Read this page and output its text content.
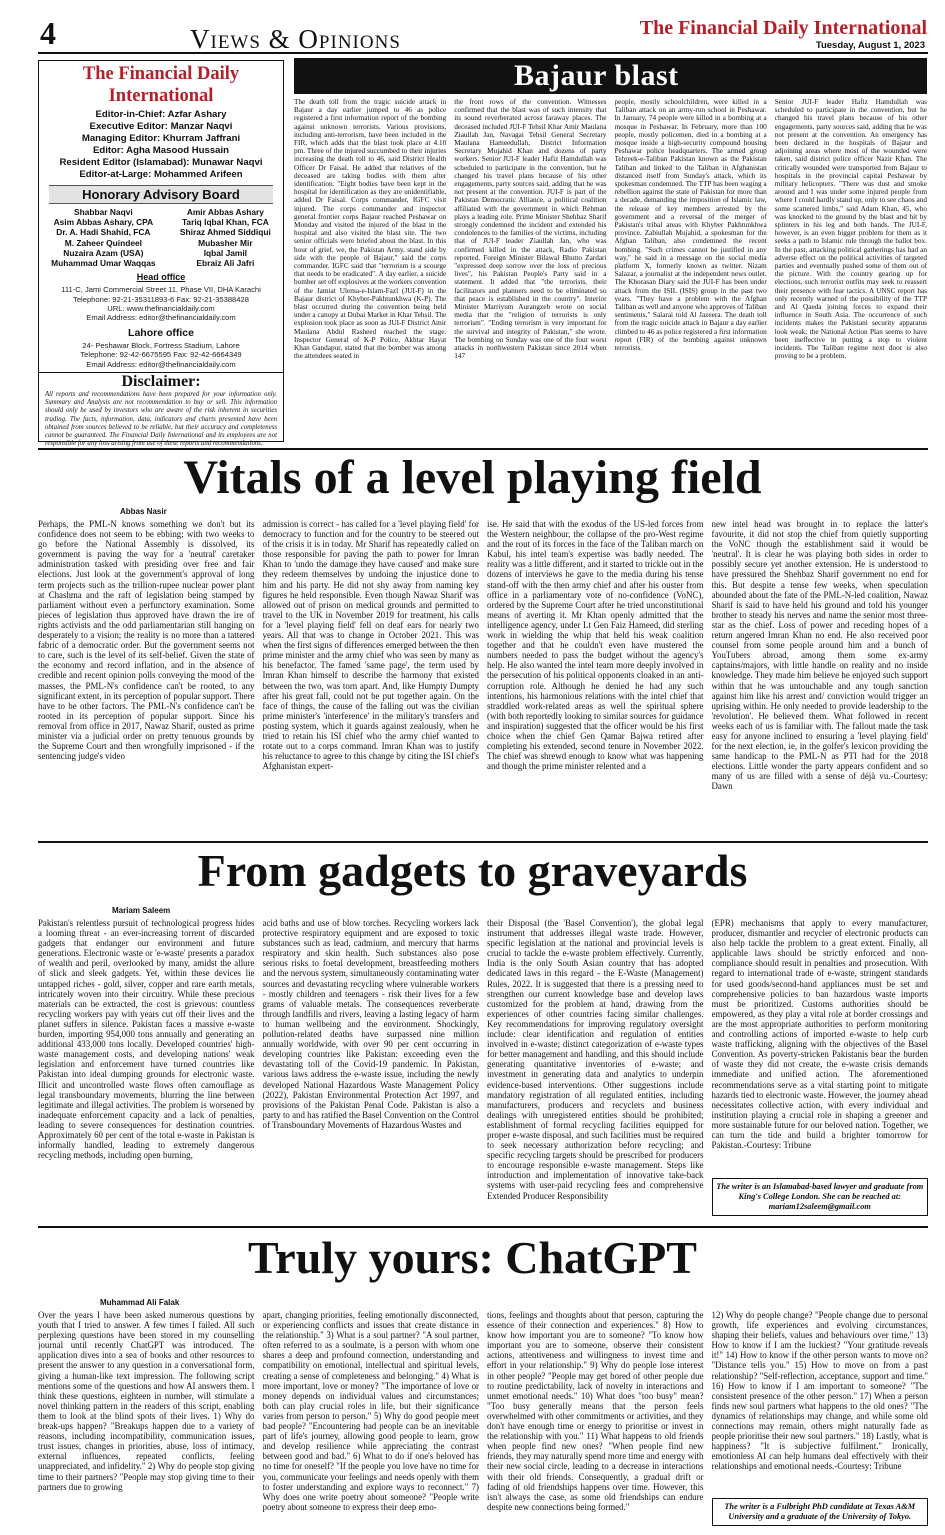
4	Views & Opinions	The Financial Daily International
Tuesday, August 1, 2023
The Financial Daily International
Editor-in-Chief: Azfar Ashary
Executive Editor: Manzar Naqvi
Managing Editor: Khurram Jaffrani
Editor: Agha Masood Hussain
Resident Editor (Islamabad): Munawar Naqvi
Editor-at-Large: Mohammed Arifeen
Honorary Advisory Board
Shabbar Naqvi
Asim Abbas Ashary, CPA
Dr. A. Hadi Shahid, FCA
M. Zaheer Quindeel
Nuzaira Azam (USA)
Muhammad Umar Waqqas
Amir Abbas Ashary
Tariq Iqbal Khan, FCA
Shiraz Ahmed Siddiqui
Mubasher Mir
Iqbal Jamil
Ebraiz Ali Jafri
Head office
111-C, Jami Commercial Street 11, Phase VII, DHA Karachi
Telephone: 92-21-35311893-6 Fax: 92-21-35388428
URL: www.thefinancialdaily.com
Email Address: editor@thefinancialdaily.com
Lahore office
24- Peshawar Block, Fortress Stadium, Lahore
Telephone: 92-42-6675595 Fax: 92-42-6664349
Email Address: editor@thefinancialdaily.com
Disclaimer:
All reports and recommendations have been prepared for your information only. Summary and Analysis are not recommendation to buy or sell. This information should only be used by investors who are aware of the risk inherent in securities trading. The facts, information, data, indicators and charts presented have been obtained from sources believed to be reliable, but their accuracy and completeness cannot be guaranteed. The Financial Daily International and its employees are not responsible for any loss arising from use of these reports and recommendations.
Bajaur blast
The death toll from the tragic suicide attack in Bajaur a day earlier jumped to 46 as police registered a first information report of the bombing against unknown terrorists. Various provisions, including anti-terrorism, have been included in the FIR, which adds that the blast took place at 4.10 pm. Three of the injured succumbed to their injuries increasing the death toll to 46, said District Health Officer Dr Faisal. He added that relatives of the deceased are taking bodies with them after identification. "Eight bodies have been kept in the hospital for identification as they are unidentifiable, added Dr Faisal. Corps commander, IGFC visit injured. The corps commander and inspector general frontier corps Bajaur reached Peshawar on Monday and visited the injured of the blast in the hospital and also visited the blast site. The two senior officials were briefed about the blast. In this hour of grief, we, the Pakistan Army, stand side by side with the people of Bajaur," said the corps commander. IGFC said that "terrorism is a scourge that needs to be eradicated". A day earlier, a suicide bomber set off explosives at the workers convention of the Jamiat Ulema-e-Islam-Fazl (JUI-F) in the Bajaur district of Khyber-Pakhtunkhwa (K-P). The blast occurred during the convention being held under a canopy at Dubai Market in Khar Tehsil. The explosion took place as soon as JUI-F District Amir Maulana Abdul Rasheed reached the stage. Inspector General of K-P Police, Akhtar Hayat Khan Gandapur, stated that the bomber was among the attendees seated in
the front rows of the convention. Witnesses confirmed that the blast was of such intensity that its sound reverberated across faraway places. The deceased included JUI-F Tehsil Khar Amir Maulana Ziaullah Jan, Navagai Tehsil General Secretary Maulana Hameedullah, District Information Secretary Mujahid Khan and dozens of party workers. Senior JUI-F leader Hafiz Hamdullah was scheduled to participate in the convention, but he changed his travel plans because of his other engagements, party sources said, adding that he was not present at the convention. JUI-F is part of the Pakistan Democratic Alliance, a political coalition affiliated with the government in which Rehman plays a leading role. Prime Minister Shehbaz Sharif strongly condemned the incident and extended his condolences to the families of the victims, including that of JUI-F leader Ziaullah Jan, who was confirmed killed in the attack, Radio Pakistan reported. Foreign Minister Bilawal Bhutto Zardari "expressed deep sorrow over the loss of precious lives", his Pakistan People's Party said in a statement. It added that "the terrorists, their facilitators and planners need to be eliminated so that peace is established in the country". Interior Minister Marriyum Aurangzeb wrote on social media that the "religion of terrorists is only terrorism". "Ending terrorism is very important for the survival and integrity of Pakistan," she wrote. The bombing on Sunday was one of the four worst attacks in northwestern Pakistan since 2014 when 147
people, mostly schoolchildren, were killed in a Taliban attack on an army-run school in Peshawar. In January, 74 people were killed in a bombing at a mosque in Peshawar. In February, more than 100 people, mostly policemen, died in a bombing at a mosque inside a high-security compound housing Peshawar police headquarters. The armed group Tehreek-e-Taliban Pakistan known as the Pakistan Taliban and linked to the Taliban in Afghanistan distanced itself from Sunday's attack, which its spokesman condemned. The TTP has been waging a rebellion against the state of Pakistan for more than a decade, demanding the imposition of Islamic law, the release of key members arrested by the government and a reversal of the merger of Pakistan's tribal areas with Khyber Pakhtunkhwa province. Zabiullah Mujahid, a spokesman for the Afghan Taliban, also condemned the recent bombing. "Such crimes cannot be justified in any way," he said in a message on the social media platform X, formerly known as twitter. Nizam Salazar, a journalist at the independent news outlet. The Khorasan Diary said the JUI-F has been under attack from the ISIL (ISIS) group in the past two years. "They have a problem with the Afghan Taliban as well and anyone who approves of Taliban sentiments," Salarai told Al Jazeera. The death toll from the tragic suicide attack in Bajaur a day earlier climbed to 46 as police registered a first information report (FIR) of the bombing against unknown terrorists.
Senior JUI-F leader Hafiz Hamdullah was scheduled to participate in the convention, but he changed his travel plans because of his other engagements, party sources said, adding that he was not present at the convention. An emergency has been declared in the hospitals of Bajaur and adjoining areas where most of the wounded were taken, said district police officer Nazir Khan. The critically wounded were transported from Bajaur to hospitals in the provincial capital Peshawar by military helicopters. "There was dust and smoke around and I was under some injured people from where I could hardly stand up, only to see chaos and some scattered limbs," said Adam Khan, 45, who was knocked to the ground by the blast and hit by splinters in his leg and both hands. The JUI-F, however, is an even bigger problem for them as it seeks a path to Islamic rule through the ballot box. In the past, attacking political gatherings has had an adverse effect on the political activities of targeted parties and eventually pushed some of them out of the picture. With the country gearing up for elections, such terrorist outfits may seek to reassert their presence with fear tactics. A UNSC report has only recently warned of the possibility of the TTP and Al Qaeda joining forces to expand their influence in South Asia. The occurrence of such incidents makes the Pakistani security apparatus look weak; the National Action Plan seems to have been ineffective in putting a stop to violent incidents. The Taliban regime next door is also proving to be a problem.
Vitals of a level playing field
Abbas Nasir
Perhaps, the PML-N knows something we don't but its confidence does not seem to be ebbing; with two weeks to go before the National Assembly is dissolved, its government is paving the way for a 'neutral' caretaker administration tasked with presiding over free and fair elections. Just look at the government's approval of long term projects such as the trillion-rupee nuclear power plant at Chashma and the raft of legislation being stamped by parliament without even a perfunctory examination. Some pieces of legislation thus approved have drawn the ire of rights activists and the odd parliamentarian still hanging on desperately to a vision; the reality is no more than a tattered fabric of a democratic order. But the government seems not to care, such is the level of its self-belief. Given the state of the economy and record inflation, and in the absence of credible and recent opinion polls conveying the mood of the masses, the PML-N's confidence can't be rooted, to any significant extent, in its perception of popular support. There have to be other factors. The PML-N's confidence can't be rooted in its perception of popular support. Since his removal from office in 2017, Nawaz Sharif, ousted as prime minister via a judicial order on pretty tenuous grounds by the Supreme Court and then wrongfully imprisoned - if the sentencing judge's video
admission is correct - has called for a 'level playing field' for democracy to function and for the country to be steered out of the crisis it is in today. Mr Sharif has repeatedly called on those responsible for paving the path to power for Imran Khan to 'undo the damage they have caused' and make sure they redeem themselves by undoing the injustice done to him and his party. He did not shy away from naming key figures he held responsible. Even though Nawaz Sharif was allowed out of prison on medical grounds and permitted to travel to the UK in November 2019 for treatment, his calls for a 'level playing field' fell on deaf ears for nearly two years. All that was to change in October 2021. This was when the first signs of differences emerged between the then prime minister and the army chief who was seen by many as his benefactor. The famed 'same page', the term used by Imran Khan himself to describe the harmony that existed between the two, was torn apart. And, like Humpty Dumpty after his great fall, could not be put together again. On the face of things, the cause of the falling out was the civilian prime minister's 'interference' in the military's transfers and posting system, which it guards against zealously, when he tried to retain his ISI chief who the army chief wanted to rotate out to a corps command. Imran Khan was to justify his reluctance to agree to this change by citing the ISI chief's Afghanistan expert-
ise. He said that with the exodus of the US-led forces from the Western neighbour, the collapse of the pro-West regime and the rout of its forces in the face of the Taliban march on Kabul, his intel team's expertise was badly needed. The reality was a little different, and it started to trickle out in the dozens of interviews he gave to the media during his tense stand-off with the then army chief and after his ouster from office in a parliamentary vote of no-confidence (VoNC), ordered by the Supreme Court after he tried unconstitutional means of averting it. Mr Khan openly admitted that the intelligence agency, under Lt Gen Faiz Hameed, did sterling work in wielding the whip that held his weak coalition together and that he couldn't even have mustered the numbers needed to pass the budget without the agency's help. He also wanted the intel team more deeply involved in the persecution of his political opponents cloaked in an anti-corruption role. Although he denied he had any such intentions, his harmonious relations with the intel chief that straddled work-related areas as well the spiritual sphere (with both reportedly looking to similar sources for guidance and inspiration) suggested that the officer would be his first choice when the chief Gen Qamar Bajwa retired after completing his extended, second tenure in November 2022. The chief was shrewd enough to know what was happening and though the prime minister relented and a
new intel head was brought in to replace the latter's favourite, it did not stop the chief from quietly supporting the VoNC though the establishment said it would be 'neutral'. It is clear he was playing both sides in order to possibly secure yet another extension. He is understood to have pressured the Shehbaz Sharif government no end for this. But despite a tense few weeks, when speculation abounded about the fate of the PML-N-led coalition, Nawaz Sharif is said to have held his ground and told his younger brother to steady his nerves and name the senior most three-star as the chief. Loss of power and receding hopes of a return angered Imran Khan no end. He also received poor counsel from some people around him and a bunch of YouTubers abroad, among them some ex-army captains/majors, with little handle on reality and no inside knowledge. They made him believe he enjoyed such support within that he was untouchable and any tough sanction against him like his arrest and/ conviction would trigger an uprising within. He only needed to provide leadership to the 'revolution'. He believed them. What followed in recent weeks each of us is familiar with. The fallout made the task easy for anyone inclined to ensuring a 'level playing field' for the next election, ie, in the golfer's lexicon providing the same handicap to the PML-N as PTI had for the 2018 elections. Little wonder the party appears confident and so many of us are filled with a sense of déjà vu.-Courtesy: Dawn
From gadgets to graveyards
Mariam Saleem
Pakistan's relentless pursuit of technological progress hides a looming threat - an ever-increasing torrent of discarded gadgets that endanger our environment and future generations. Electronic waste or 'e-waste' presents a paradox of wealth and peril, overlooked by many, amidst the allure of slick and sleek gadgets. Yet, within these devices lie untapped riches - gold, silver, copper and rare earth metals, intricately woven into their circuitry. While these precious materials can be extracted, the cost is grievous: countless recycling workers pay with years cut off their lives and the planet suffers in silence. Pakistan faces a massive e-waste burden, importing 954,000 tons annually and generating an additional 433,000 tons locally. Developed countries' high-waste management costs, and developing nations' weak legislation and enforcement have turned countries like Pakistan into ideal dumping grounds for electronic waste. Illicit and uncontrolled waste flows often camouflage as legal transboundary movements, blurring the line between legitimate and illegal activities. The problem is worsened by inadequate enforcement capacity and a lack of penalties, leading to severe consequences for destination countries. Approximately 60 per cent of the total e-waste in Pakistan is informally handled, leading to extremely dangerous recycling methods, including open burning,
acid baths and use of blow torches. Recycling workers lack protective respiratory equipment and are exposed to toxic substances such as lead, cadmium, and mercury that harms respiratory and skin health. Such substances also pose serious risks to foetal development, breastfeeding mothers and the nervous system, simultaneously contaminating water sources and devastating recycling where vulnerable workers - mostly children and teenagers - risk their lives for a few grams of valuable metals. The consequences reverberate through landfills and rivers, leaving a lasting legacy of harm to human wellbeing and the environment. Shockingly, pollution-related deaths have surpassed nine million annually worldwide, with over 90 per cent occurring in developing countries like Pakistan: exceeding even the devastating toll of the Covid-19 pandemic. In Pakistan, various laws address the e-waste issue, including the newly developed National Hazardous Waste Management Policy (2022), Pakistan Environmental Protection Act 1997, and provisions of the Pakistan Penal Code. Pakistan is also a party to and has ratified the Basel Convention on the Control of Transboundary Movements of Hazardous Wastes and
their Disposal (the 'Basel Convention'), the global legal instrument that addresses illegal waste trade. However, specific legislation at the national and provincial levels is crucial to tackle the e-waste problem effectively. Currently, India is the only South Asian country that has adopted dedicated laws in this regard - the E-Waste (Management) Rules, 2022. It is suggested that there is a pressing need to strengthen our current knowledge base and develop laws customized for the problem at hand, drawing from the experiences of other countries facing similar challenges. Key recommendations for improving regulatory oversight include: clear identification and regulation of entities involved in e-waste; distinct categorization of e-waste types for better management and handling, and this should include generating quantitative inventories of e-waste; and investment in generating data and analytics to underpin evidence-based interventions. Other suggestions include mandatory registration of all regulated entities, including manufacturers, producers and recyclers and business dealings with unregistered entities should be prohibited; establishment of formal recycling facilities equipped for proper e-waste disposal, and such facilities must be required to seek necessary authorization before recycling; and specific recycling targets should be prescribed for producers to encourage responsible e-waste management. Steps like introduction and implementation of innovative take-back systems with user-paid recycling fees and comprehensive Extended Producer Responsibility
(EPR) mechanisms that apply to every manufacturer, producer, dismantler and recycler of electronic products can also help tackle the problem to a great extent. Finally, all applicable laws should be strictly enforced and non-compliance should result in penalties and prosecution. With regard to international trade of e-waste, stringent standards for used goods/second-hand appliances must be set and comprehensive policies to ban hazardous waste imports must be prioritized. Customs authorities should be empowered, as they play a vital role at border crossings and are the most appropriate authorities to perform monitoring and controlling actions of imported e-waste to help curb waste trafficking, aligning with the objectives of the Basel Convention. As poverty-stricken Pakistanis bear the burden of waste they did not create, the e-waste crisis demands immediate and unified action. The aforementioned recommendations serve as a vital starting point to mitigate hazards tied to electronic waste. However, the journey ahead necessitates collective action, with every individual and institution playing a crucial role in shaping a greener and more sustainable future for our beloved nation. Together, we can turn the tide and build a brighter tomorrow for Pakistan.-Courtesy: Tribune
The writer is an Islamabad-based lawyer and graduate from King's College London. She can be reached at: mariam12saleem@gmail.com
Truly yours: ChatGPT
Muhammad Ali Falak
Over the years I have been asked numerous questions by youth that I tried to answer. A few times I failed. All such perplexing questions have been stored in my counselling journal until recently ChatGPT was introduced. The application dives into a sea of books and other resources to present the answer to any question in a conversational form, giving a human-like text impression. The following script mentions some of the questions and how AI answers them. I think these questions, eighteen in number, will stimulate a novel thinking pattern in the readers of this script, enabling them to look at the blind spots of their lives. 1) Why do break-ups happen? "Breakups happen due to a variety of reasons, including incompatibility, communication issues, trust issues, changes in priorities, abuse, loss of intimacy, external influences, repeated conflicts, feeling unappreciated, and infidelity." 2) Why do people stop giving time to their partners? "People may stop giving time to their partners due to growing
apart, changing priorities, feeling emotionally disconnected, or experiencing conflicts and issues that create distance in the relationship." 3) What is a soul partner? "A soul partner, often referred to as a soulmate, is a person with whom one shares a deep and profound connection, understanding and compatibility on emotional, intellectual and spiritual levels, creating a sense of completeness and belonging." 4) What is more important, love or money? "The importance of love or money depends on individual values and circumstances; both can play crucial roles in life, but their significance varies from person to person." 5) Why do good people meet bad people? "Encountering bad people can be an inevitable part of life's journey, allowing good people to learn, grow and develop resilience while appreciating the contrast between good and bad." 6) What to do if one's beloved has no time for oneself? "If the people you love have no time for you, communicate your feelings and needs openly with them to foster understanding and explore ways to reconnect." 7) Why does one write poetry about someone? "People write poetry about someone to express their deep emo-
tions, feelings and thoughts about that person, capturing the essence of their connection and experiences." 8) How to know how important you are to someone? "To know how important you are to someone, observe their consistent actions, attentiveness and willingness to invest time and effort in your relationship." 9) Why do people lose interest in other people? "People may get bored of other people due to routine predictability, lack of novelty in interactions and unmet emotional needs." 10) What does "too busy" mean? "Too busy generally means that the person feels overwhelmed with other commitments or activities, and they don't have enough time or energy to prioritise or invest in the relationship with you." 11) What happens to old friends when people find new ones? "When people find new friends, they may naturally spend more time and energy with their new social circle, leading to a decrease in interactions with their old friends. Consequently, a gradual drift or fading of old friendships happens over time. However, this isn't always the case, as some old friendships can endure despite new connections being formed."
12) Why do people change? "People change due to personal growth, life experiences and evolving circumstances, shaping their beliefs, values and behaviours over time." 13) How to know if I am the luckiest? "Your gratitude reveals it!" 14) How to know if the other person wants to move on? "Distance tells you." 15) How to move on from a past relationship? "Self-reflection, acceptance, support and time." 16) How to know if I am important to someone? "The consistent presence of the other person." 17) When a person finds new soul partners what happens to the old ones? "The dynamics of relationships may change, and while some old connections may remain, others might naturally fade as people prioritise their new soul partners." 18) Lastly, what is happiness? "It is subjective fulfilment." Ironically, emotionless AI can help humans deal effectively with their relationships and emotional needs.-Courtesy: Tribune
The writer is a Fulbright PhD candidate at Texas A&M University and a graduate of the University of Tokyo.
